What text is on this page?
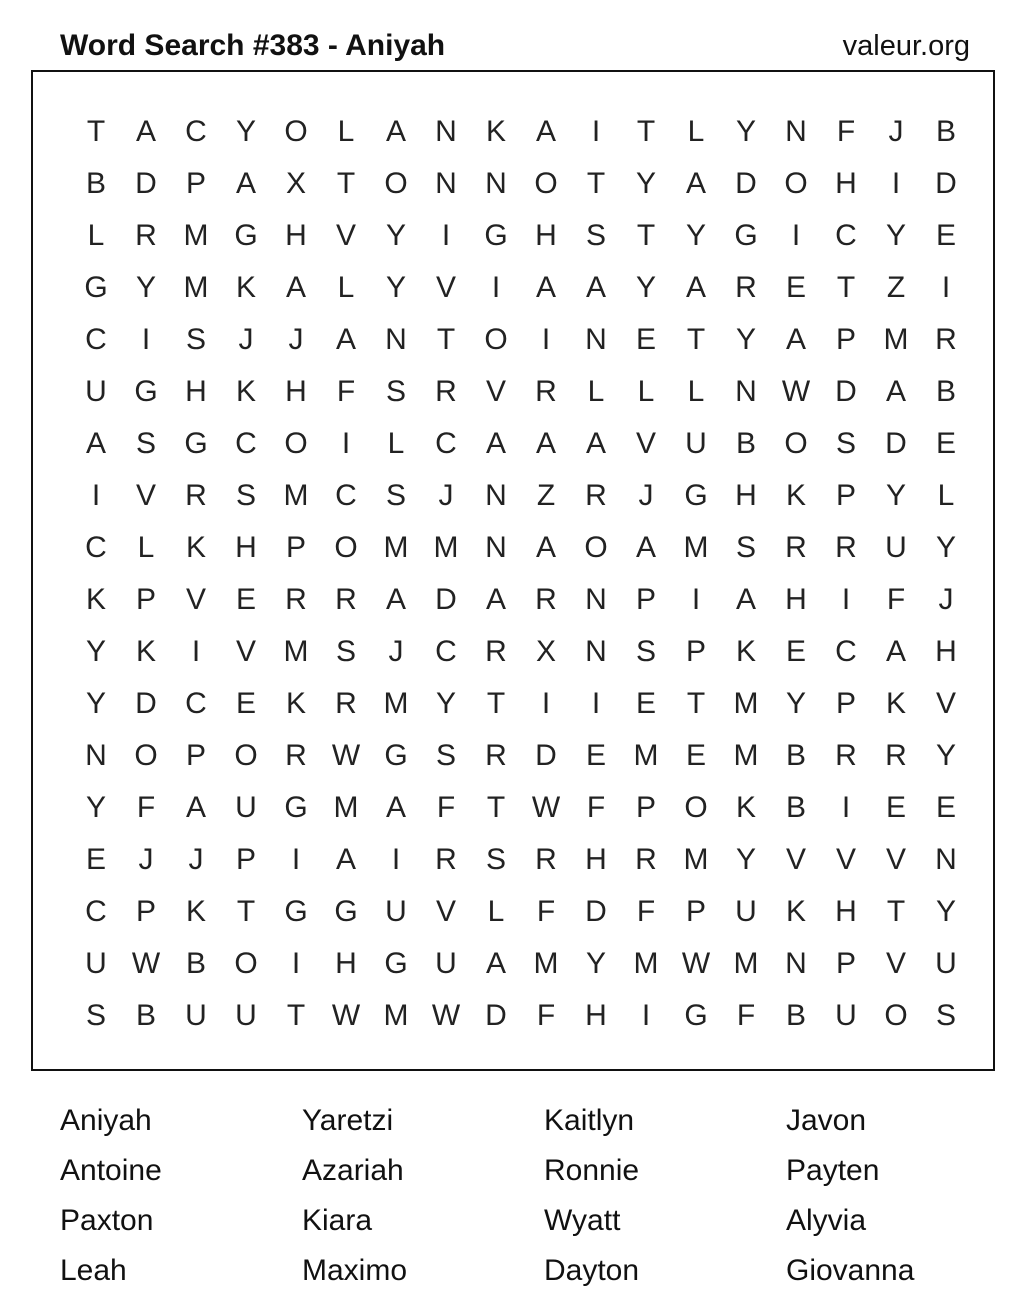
Word Search #383 - Aniyah	valeur.org
T	A C Y O L	A N K A	I	T	L	Y N	F	J	B
B D P A X	T O N N O T	Y A D O H	I	D
L	R M G H V Y	I	G H S	T	Y G	I	C Y E
G Y M K A	L	Y V	I	A A Y A R E	T	Z	I
C	I	S	J	J	A N	T O	I	N E	T	Y A P M R
U G H K H	F	S R V R	L	L	L	N W D A B
A S G C O	I	L	C A A A V U B O S D E
I	V R S M C S	J	N	Z	R	J	G H K P Y	L
C	L	K H P O M M N A O A M S R R U Y
K P V E R R A D A R N P	I	A H	I	F	J
Y K	I	V M S	J	C R X N S P K E C A H
Y D C E K R M Y	T	I	I	E	T M Y P K V
N O P O R W G S R D E M E M B R R Y
Y	F	A U G M A	F	T W F	P O K B	I	E E
E	J	J	P	I	A	I	R S R H R M Y V V V N
C P K	T G G U V	L	F	D	F	P U K H	T	Y
U W B O	I	H G U A M Y M W M N P V U
S B U U	T W M W D	F	H	I	G F	B U O S
Aniyah	Yaretzi	Kaitlyn	Javon
Antoine	Azariah	Ronnie	Payten
Paxton	Kiara	Wyatt	Alyvia
Leah	Maximo	Dayton	Giovanna
